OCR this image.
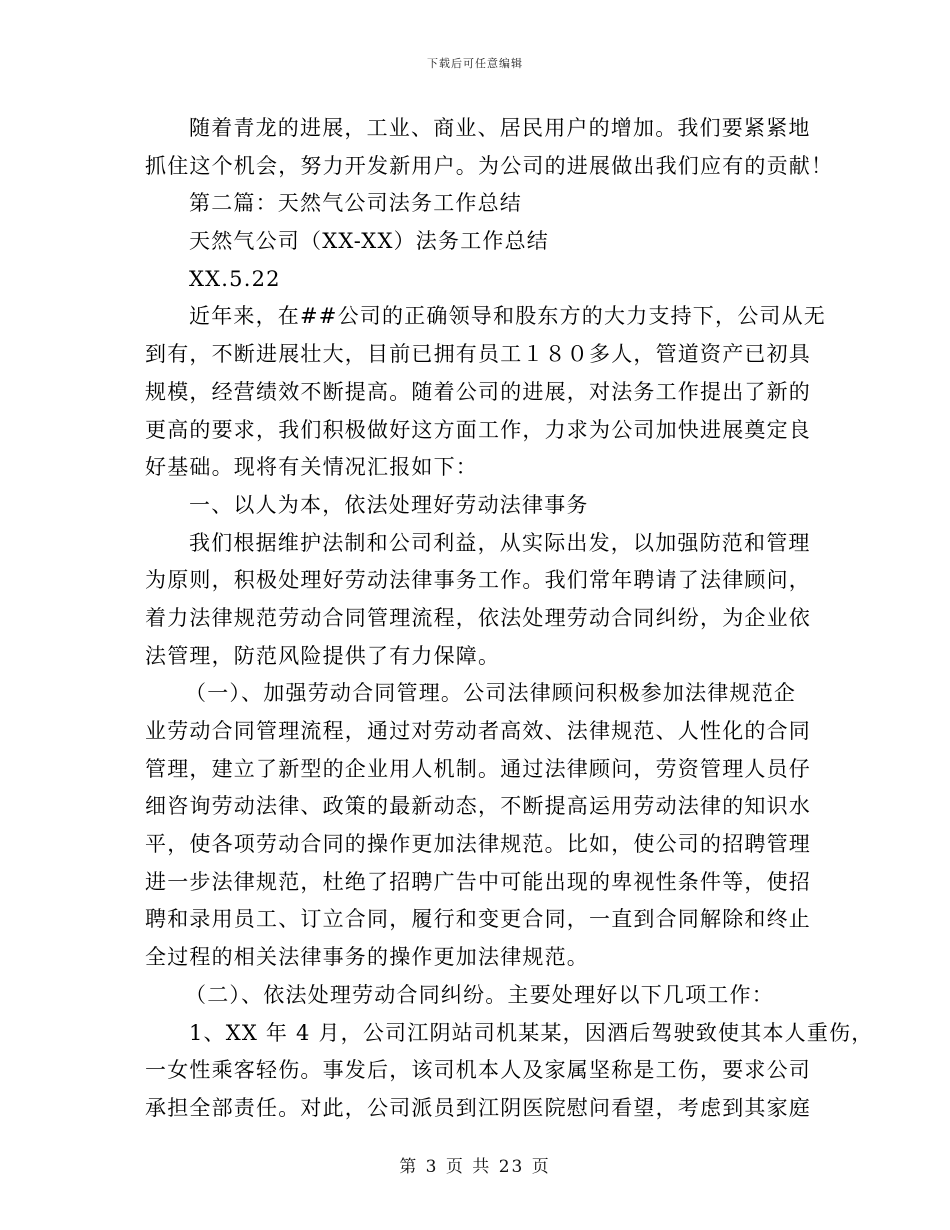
下载后可任意编辑
随着青龙的进展，工业、商业、居民用户的增加。我们要紧紧地
抓住这个机会，努力开发新用户。为公司的进展做出我们应有的贡献！
第二篇：天然气公司法务工作总结
天然气公司（XX-XX）法务工作总结
XX.5.22
近年来，在##公司的正确领导和股东方的大力支持下，公司从无
到有，不断进展壮大，目前已拥有员工１８０多人，管道资产已初具
规模，经营绩效不断提高。随着公司的进展，对法务工作提出了新的
更高的要求，我们积极做好这方面工作，力求为公司加快进展奠定良
好基础。现将有关情况汇报如下：
一、以人为本，依法处理好劳动法律事务
我们根据维护法制和公司利益，从实际出发，以加强防范和管理
为原则，积极处理好劳动法律事务工作。我们常年聘请了法律顾问，
着力法律规范劳动合同管理流程，依法处理劳动合同纠纷，为企业依
法管理，防范风险提供了有力保障。
（一）、加强劳动合同管理。公司法律顾问积极参加法律规范企
业劳动合同管理流程，通过对劳动者高效、法律规范、人性化的合同
管理，建立了新型的企业用人机制。通过法律顾问，劳资管理人员仔
细咨询劳动法律、政策的最新动态，不断提高运用劳动法律的知识水
平，使各项劳动合同的操作更加法律规范。比如，使公司的招聘管理
进一步法律规范，杜绝了招聘广告中可能出现的卑视性条件等，使招
聘和录用员工、订立合同，履行和变更合同，一直到合同解除和终止
全过程的相关法律事务的操作更加法律规范。
（二）、依法处理劳动合同纠纷。主要处理好以下几项工作：
1、XX 年 4 月，公司江阴站司机某某，因酒后驾驶致使其本人重伤，
一女性乘客轻伤。事发后，该司机本人及家属坚称是工伤，要求公司
承担全部责任。对此，公司派员到江阴医院慰问看望，考虑到其家庭
第 3 页 共 23 页
